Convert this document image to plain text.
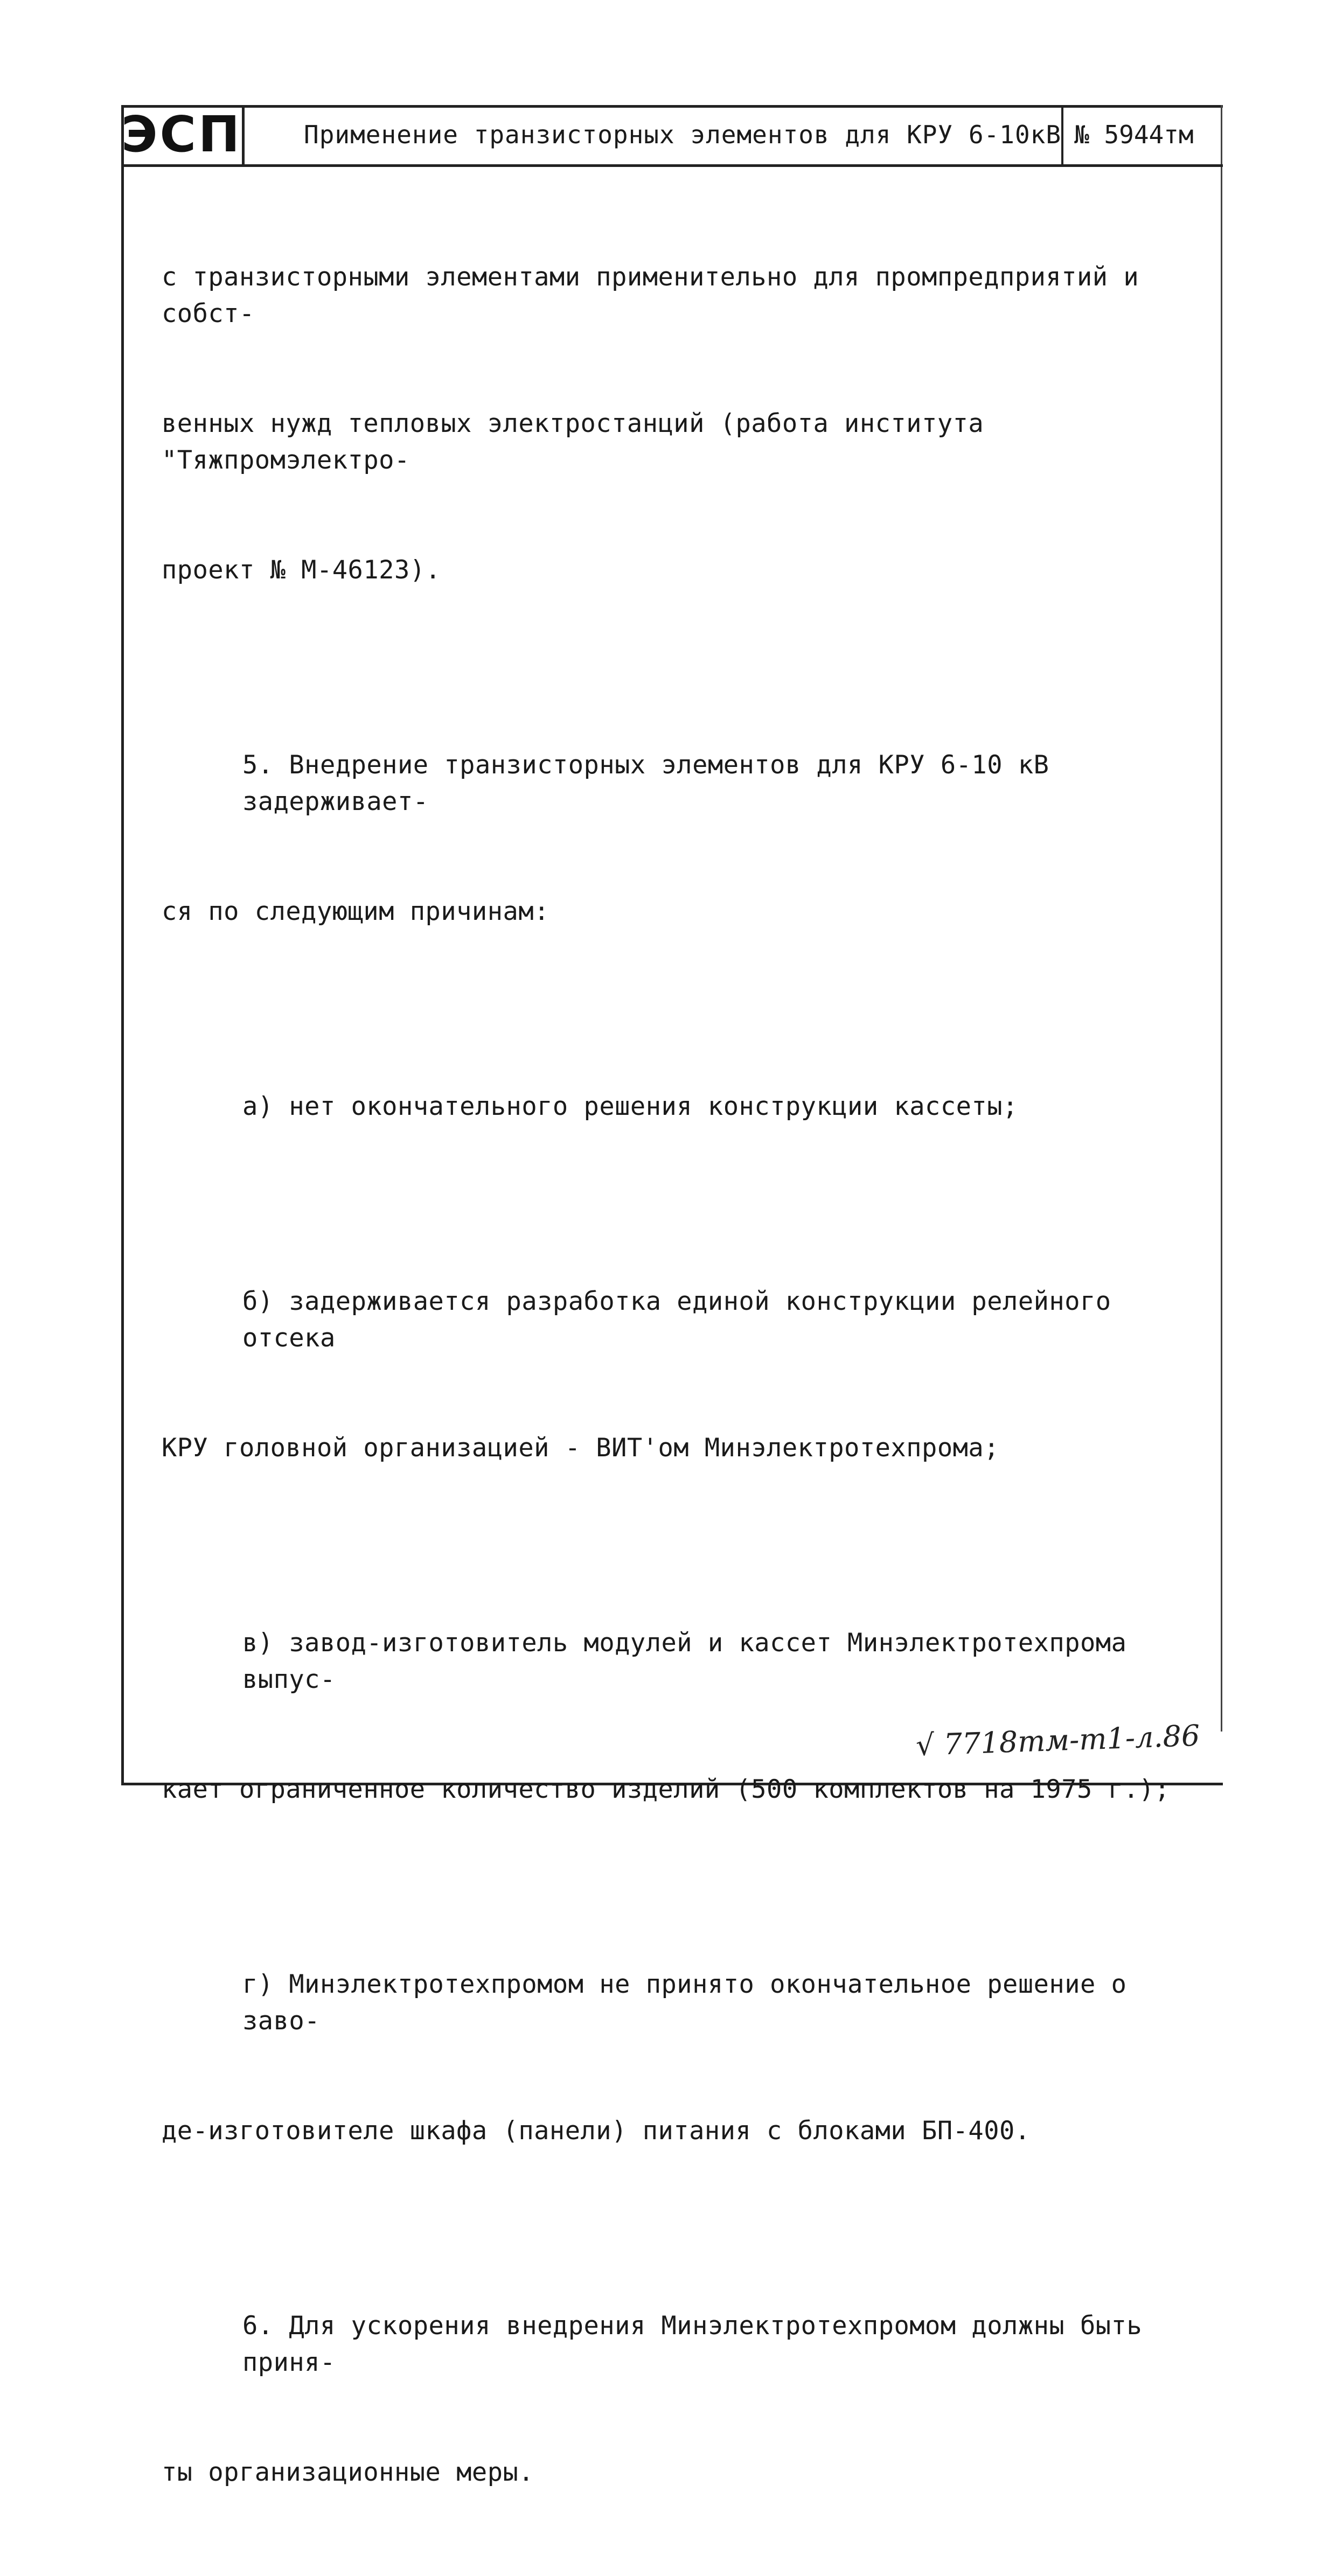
ЭСП	Применение транзисторных элементов для КРУ 6-10кВ № 5944тм

с транзисторными элементами применительно для промпредприятий и собст-

венных нужд тепловых электростанций (работа института "Тяжпромэлектро-

проект № М-46123).

5. Внедрение транзисторных элементов для КРУ 6-10 кВ задерживает-

ся по следующим причинам:

а) нет окончательного решения конструкции кассеты;

б) задерживается разработка единой конструкции релейного отсека

КРУ головной организацией - ВИТ'ом Минэлектротехпрома;

в) завод-изготовитель модулей и кассет Минэлектротехпрома выпус-

кает ограниченное количество изделий (500 комплектов на 1975 г.);

г) Минэлектротехпромом не принято окончательное решение о заво-

де-изготовителе шкафа (панели) питания с блоками БП-400.

6. Для ускорения внедрения Минэлектротехпромом должны быть приня-

ты организационные меры.

√ 7718тм-т1-л.86
